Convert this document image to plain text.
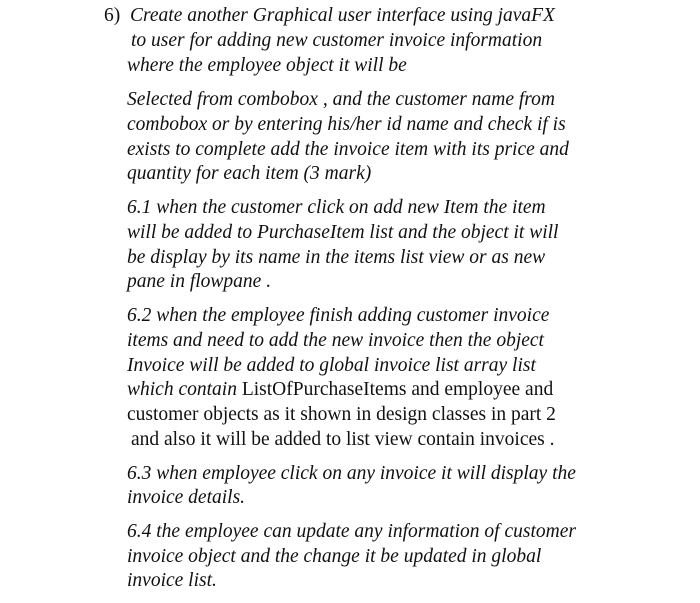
6) Create another Graphical user interface using javaFX
to user for adding new customer invoice information
where the employee object it will be
Selected from combobox , and the customer name from
combobox or by entering his/her id name and check if is
exists to complete add the invoice item with its price and
quantity for each item (3 mark)
6.1 when the customer click on add new Item the item
will be added to PurchaseItem list and the object it will
be display by its name in the items list view or as new
pane in flowpane .
6.2 when the employee finish adding customer invoice
items and need to add the new invoice then the object
Invoice will be added to global invoice list array list
which contain ListOfPurchaseItems and employee and
customer objects as it shown in design classes in part 2
and also it will be added to list view contain invoices .
6.3 when employee click on any invoice it will display the
invoice details.
6.4 the employee can update any information of customer
invoice object and the change it be updated in global
invoice list.
